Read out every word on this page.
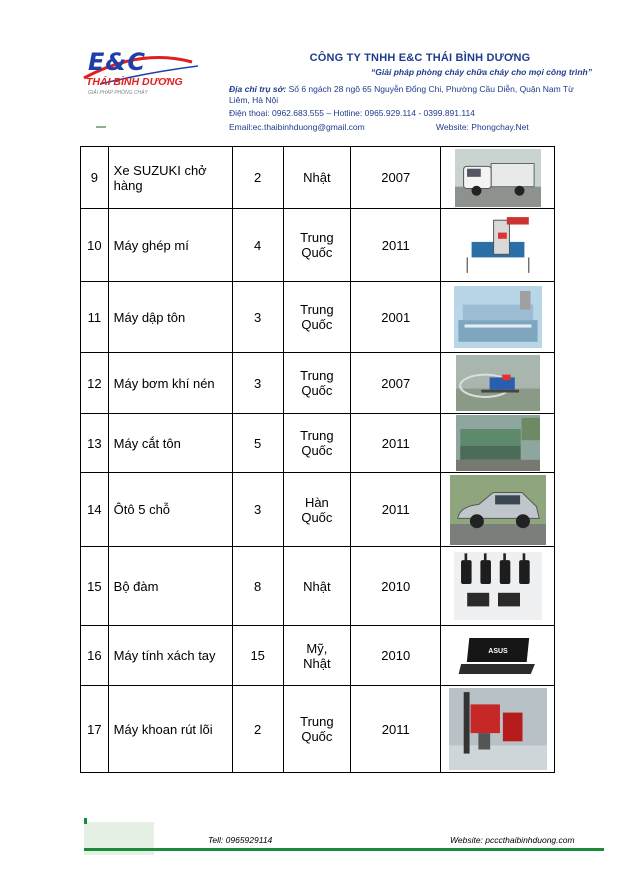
E&C
THÁI BÌNH DƯƠNG
GIẢI PHÁP PHÒNG CHÁY
CÔNG TY TNHH E&C THÁI BÌNH DƯƠNG
“Giải pháp phòng cháy chữa cháy cho mọi công trình”
Địa chỉ trụ sở: Số 6 ngách 28 ngõ 65 Nguyễn Đổng Chi, Phường Cầu Diễn, Quận Nam Từ Liêm, Hà Nội
Điện thoại: 0962.683.555 – Hotline: 0965.929.114 - 0399.891.114
Email:ec.thaibinhduong@gmail.com	Website: Phongchay.Net
9	Xe SUZUKI chở hàng	2	Nhật	2007	

10	Máy ghép mí	4	Trung Quốc	2011	

11	Máy dập tôn	3	Trung Quốc	2001	

12	Máy bơm khí nén	3	Trung Quốc	2007	

13	Máy cắt tôn	5	Trung Quốc	2011	

14	Ôtô 5 chỗ	3	Hàn Quốc	2011	

15	Bộ đàm	8	Nhật	2010	

16	Máy tính xách tay	15	Mỹ, Nhật	2010	ASUS

17	Máy khoan rút lõi	2	Trung Quốc	2011	
Tell: 0965929114	Website: pcccthaibinhduong.com
